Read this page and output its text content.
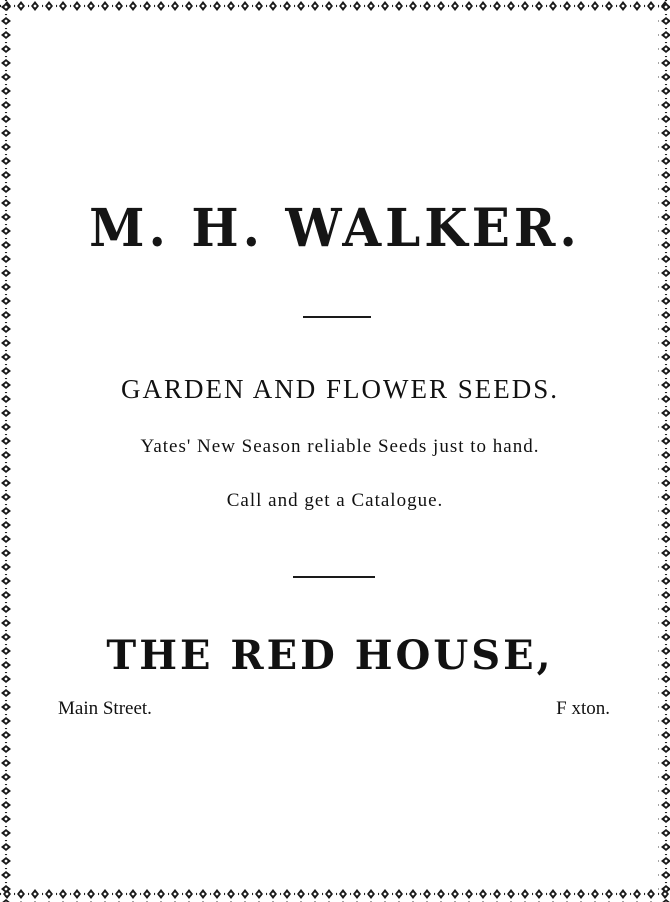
M. H. WALKER.
GARDEN AND FLOWER SEEDS.
Yates' New Season reliable Seeds just to hand.
Call and get a Catalogue.
THE RED HOUSE,
Main Street.	F xton.
